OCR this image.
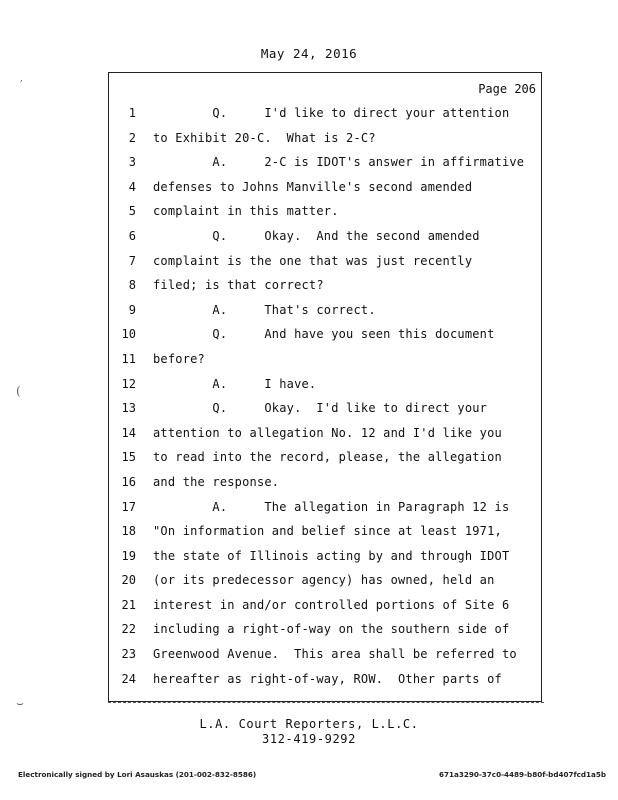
May 24, 2016
Page 206
1 Q.     I'd like to direct your attention
2 to Exhibit 20-C.  What is 2-C?
3 A.     2-C is IDOT's answer in affirmative
4 defenses to Johns Manville's second amended
5 complaint in this matter.
6 Q.     Okay.  And the second amended
7 complaint is the one that was just recently
8 filed; is that correct?
9 A.     That's correct.
10 Q.     And have you seen this document
11 before?
12 A.     I have.
13 Q.     Okay.  I'd like to direct your
14 attention to allegation No. 12 and I'd like you
15 to read into the record, please, the allegation
16 and the response.
17 A.     The allegation in Paragraph 12 is
18 "On information and belief since at least 1971,
19 the state of Illinois acting by and through IDOT
20 (or its predecessor agency) has owned, held an
21 interest in and/or controlled portions of Site 6
22 including a right-of-way on the southern side of
23 Greenwood Avenue.  This area shall be referred to
24 hereafter as right-of-way, ROW.  Other parts of
L.A. Court Reporters, L.L.C.
312-419-9292
Electronically signed by Lori Asauskas (201-002-832-8586)	671a3290-37c0-4489-b80f-bd407fcd1a5b
′
(
⌣
